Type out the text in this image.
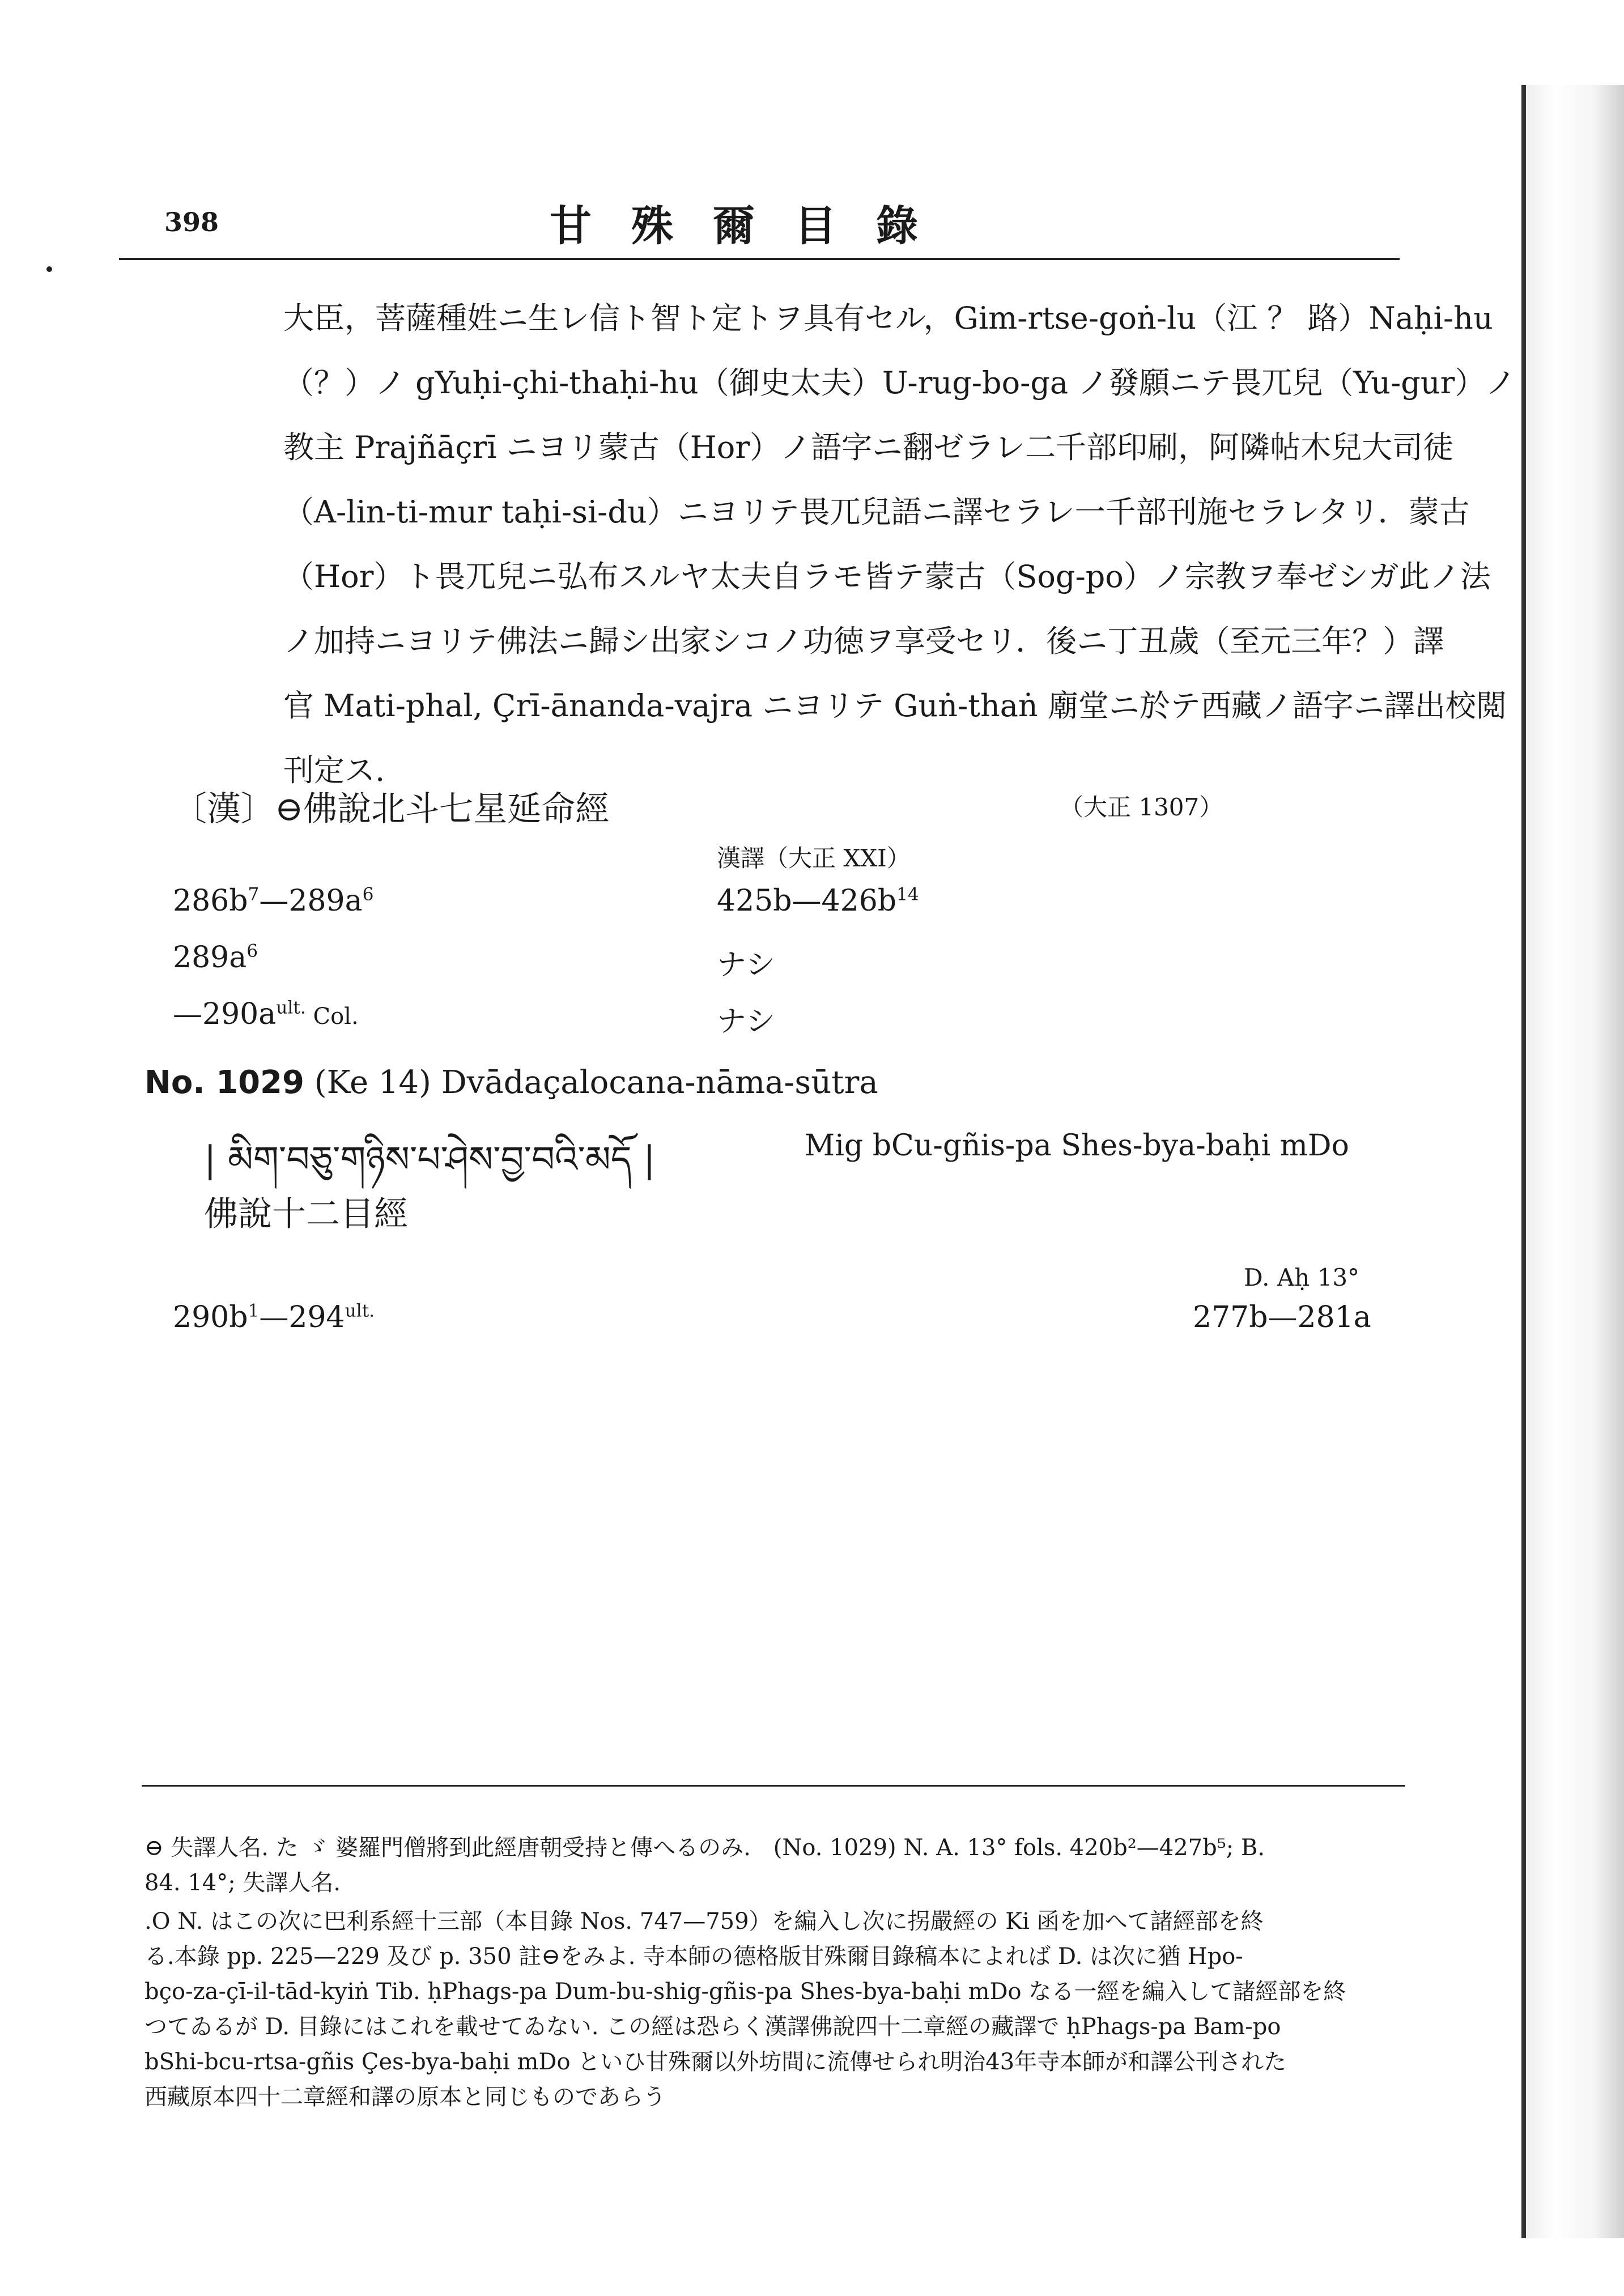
398	甘殊爾目錄
大臣，菩薩種姓ニ生レ信ト智ト定トヲ具有セル，Gim-rtse-goṅ-lu（江 ？ 路）Naḥi-hu
（？）ノ gYuḥi-çhi-thaḥi-hu（御史太夫）U-rug-bo-ga ノ發願ニテ畏兀兒（Yu-gur）ノ
教主 Prajñāçrī ニヨリ蒙古（Hor）ノ語字ニ翻ゼラレ二千部印刷，阿隣帖木兒大司徒
（A-lin-ti-mur taḥi-si-du）ニヨリテ畏兀兒語ニ譯セラレ一千部刊施セラレタリ．蒙古
（Hor）ト畏兀兒ニ弘布スルヤ太夫自ラモ皆テ蒙古（Sog-po）ノ宗教ヲ奉ゼシガ此ノ法
ノ加持ニヨリテ佛法ニ歸シ出家シコノ功徳ヲ享受セリ．後ニ丁丑歲（至元三年？）譯
官 Mati-phal, Çrī-ānanda-vajra ニヨリテ Guṅ-thaṅ 廟堂ニ於テ西藏ノ語字ニ譯出校閲
刊定ス.
〔漢〕⊖佛說北斗七星延命經	（大正 1307）
漢譯（大正 XXI）
$286b^7—289a^6$	$425b—426b^{14}$
$289a^6$	ナシ
$—290a^{ult.}$ Col.	ナシ
No. 1029 (Ke 14) Dvādaçalocana-nāma-sūtra
| མིག་བཅུ་གཉིས་པ་ཤེས་བྱ་བའི་མདོ |	Mig bCu-gñis-pa Shes-bya-baḥi mDo
佛說十二目經
D. Aḥ 13°
$290b^1—294^{ult.}$	277b—281a
⊖ 失譯人名. た ゞ 婆羅門僧將到此經唐朝受持と傳へるのみ.　(No. 1029) N. A. 13° fols. 420b²—427b⁵; B.
84. 14°; 失譯人名.
.O N. はこの次に巴利系經十三部（本目錄 Nos. 747—759）を編入し次に拐嚴經の Ki 函を加へて諸經部を終
る.本錄 pp. 225—229 及び p. 350 註⊖をみよ. 寺本師の德格版甘殊爾目錄稿本によれば D. は次に猶 Hpo-
bço-za-çī-il-tād-kyiṅ Tib. ḥPhags-pa Dum-bu-shig-gñis-pa Shes-bya-baḥi mDo なる一經を編入して諸經部を終
つてゐるが D. 目錄にはこれを載せてゐない. この經は恐らく漢譯佛說四十二章經の藏譯で ḥPhags-pa Bam-po
bShi-bcu-rtsa-gñis Çes-bya-baḥi mDo といひ甘殊爾以外坊間に流傳せられ明治43年寺本師が和譯公刊された
西藏原本四十二章經和譯の原本と同じものであらう
